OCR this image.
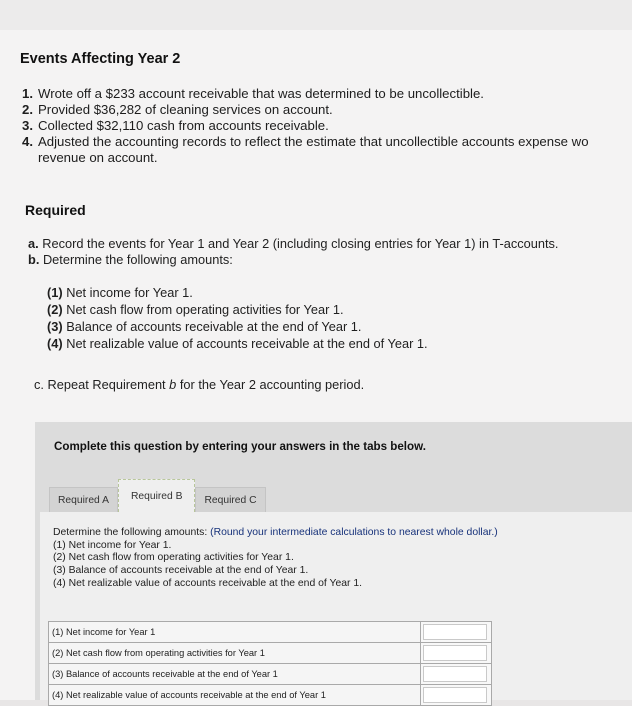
Events Affecting Year 2
1. Wrote off a $233 account receivable that was determined to be uncollectible.
2. Provided $36,282 of cleaning services on account.
3. Collected $32,110 cash from accounts receivable.
4. Adjusted the accounting records to reflect the estimate that uncollectible accounts expense wo
revenue on account.
Required
a. Record the events for Year 1 and Year 2 (including closing entries for Year 1) in T-accounts.
b. Determine the following amounts:
(1) Net income for Year 1.
(2) Net cash flow from operating activities for Year 1.
(3) Balance of accounts receivable at the end of Year 1.
(4) Net realizable value of accounts receivable at the end of Year 1.
c. Repeat Requirement b for the Year 2 accounting period.
Complete this question by entering your answers in the tabs below.
Required A	Required B	Required C
Determine the following amounts: (Round your intermediate calculations to nearest whole dollar.)
(1) Net income for Year 1.
(2) Net cash flow from operating activities for Year 1.
(3) Balance of accounts receivable at the end of Year 1.
(4) Net realizable value of accounts receivable at the end of Year 1.
(1) Net income for Year 1	
(2) Net cash flow from operating activities for Year 1	
(3) Balance of accounts receivable at the end of Year 1	
(4) Net realizable value of accounts receivable at the end of Year 1	
